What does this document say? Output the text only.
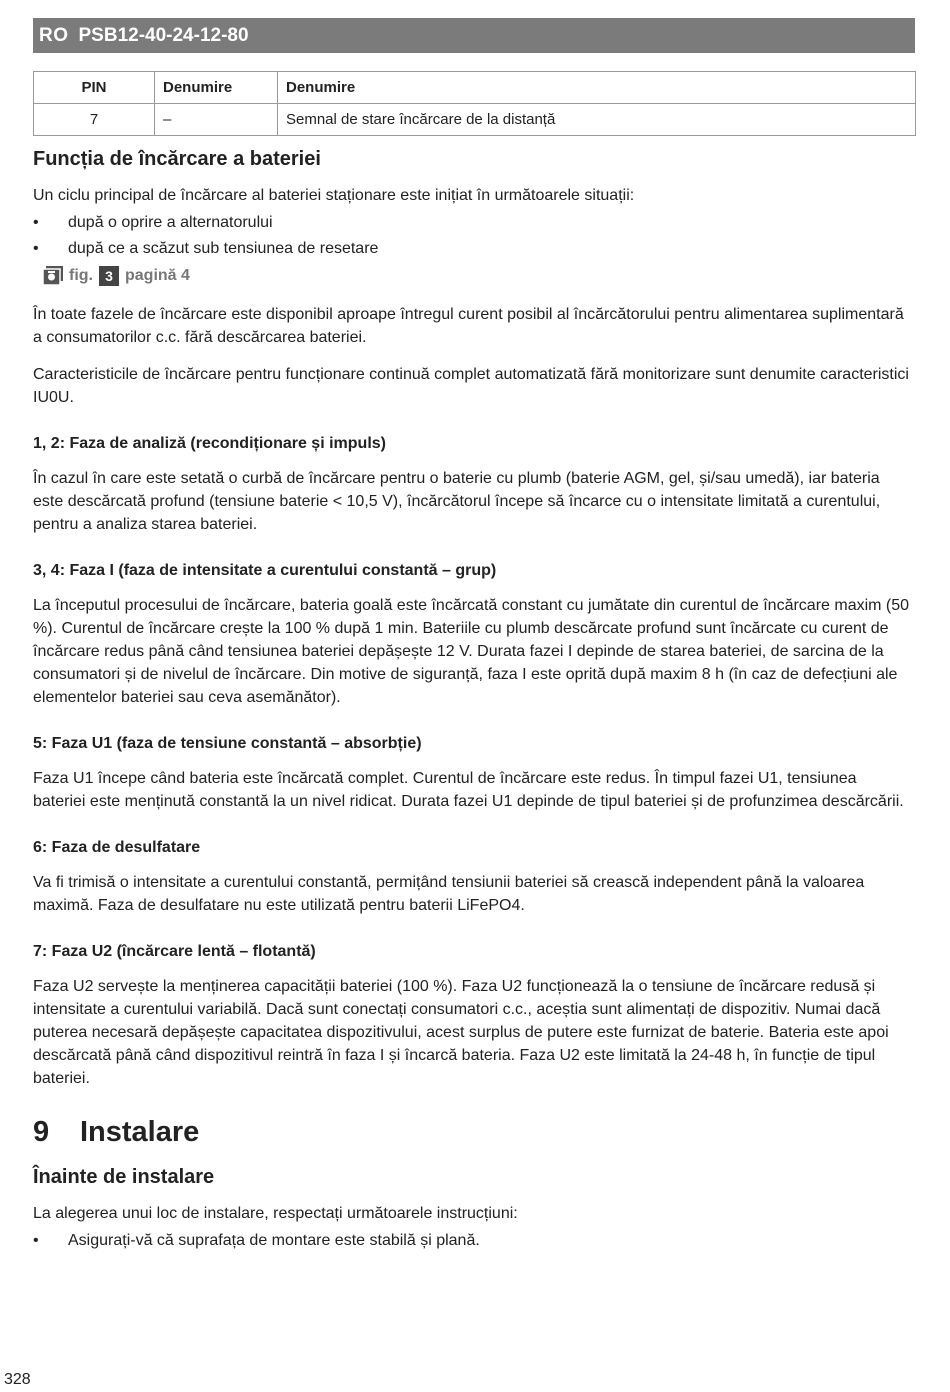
RO PSB12-40-24-12-80
PIN	Denumire	Denumire
7	–	Semnal de stare încărcare de la distanță
Funcția de încărcare a bateriei

Un ciclu principal de încărcare al bateriei staționare este inițiat în următoarele situații:

• după o oprire a alternatorului
• după ce a scăzut sub tensiunea de resetare
fig. 3 pagină 4

În toate fazele de încărcare este disponibil aproape întregul curent posibil al încărcătorului pentru alimentarea suplimentară a consumatorilor c.c. fără descărcarea bateriei.

Caracteristicile de încărcare pentru funcționare continuă complet automatizată fără monitorizare sunt denumite caracteristici IU0U.

1, 2: Faza de analiză (recondiționare și impuls)

În cazul în care este setată o curbă de încărcare pentru o baterie cu plumb (baterie AGM, gel, și/sau umedă), iar bateria este descărcată profund (tensiune baterie < 10,5 V), încărcătorul începe să încarce cu o intensitate limitată a curentului, pentru a analiza starea bateriei.

3, 4: Faza I (faza de intensitate a curentului constantă – grup)

La începutul procesului de încărcare, bateria goală este încărcată constant cu jumătate din curentul de încărcare maxim (50 %). Curentul de încărcare crește la 100 % după 1 min. Bateriile cu plumb descărcate profund sunt încărcate cu curent de încărcare redus până când tensiunea bateriei depășește 12 V. Durata fazei I depinde de starea bateriei, de sarcina de la consumatori și de nivelul de încărcare. Din motive de siguranță, faza I este oprită după maxim 8 h (în caz de defecțiuni ale elementelor bateriei sau ceva asemănător).

5: Faza U1 (faza de tensiune constantă – absorbție)

Faza U1 începe când bateria este încărcată complet. Curentul de încărcare este redus. În timpul fazei U1, tensiunea bateriei este menținută constantă la un nivel ridicat. Durata fazei U1 depinde de tipul bateriei și de profunzimea descărcării.

6: Faza de desulfatare

Va fi trimisă o intensitate a curentului constantă, permițând tensiunii bateriei să crească independent până la valoarea maximă. Faza de desulfatare nu este utilizată pentru baterii LiFePO4.

7: Faza U2 (încărcare lentă – flotantă)

Faza U2 servește la menținerea capacității bateriei (100 %). Faza U2 funcționează la o tensiune de încărcare redusă și intensitate a curentului variabilă. Dacă sunt conectați consumatori c.c., aceștia sunt alimentați de dispozitiv. Numai dacă puterea necesară depășește capacitatea dispozitivului, acest surplus de putere este furnizat de baterie. Bateria este apoi descărcată până când dispozitivul reintră în faza I și încarcă bateria. Faza U2 este limitată la 24-48 h, în funcție de tipul bateriei.

9	Instalare
Înainte de instalare

La alegerea unui loc de instalare, respectați următoarele instrucțiuni:

• Asigurați-vă că suprafața de montare este stabilă și plană.
328
